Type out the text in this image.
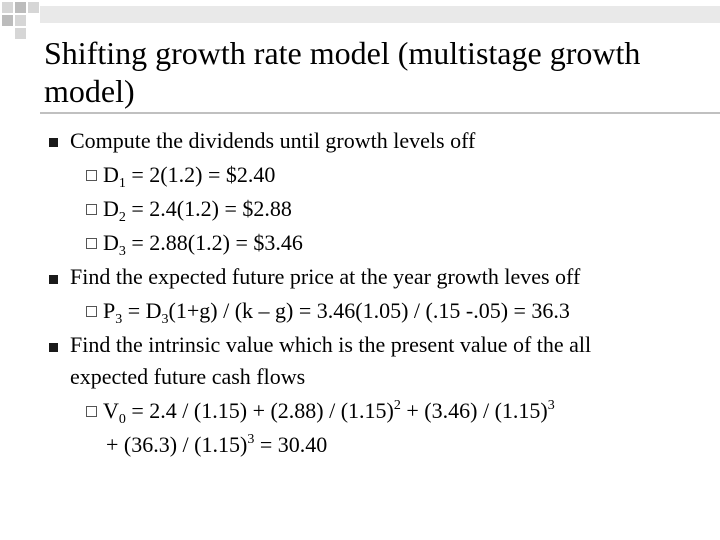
Shifting growth rate model (multistage growth model)
Compute the dividends until growth levels off
$D_1 = 2(1.2)$ = $2.40
$D_2 = 2.4(1.2)$ = $2.88
$D_3 = 2.88(1.2)$ = $3.46
Find the expected future price at the year growth leves off
$P_3 = D_3(1+g) / (k - g) = 3.46(1.05) / (.15$ -.05) = 36.3
Find the intrinsic value which is the present value of the all
expected future cash flows
$V_0 = 2.4 / (1.15) + (2.88) / (1.15)^2 + (3.46) / (1.15)^3$
+ $(36.3) / (1.15)^3 = 30.40$
